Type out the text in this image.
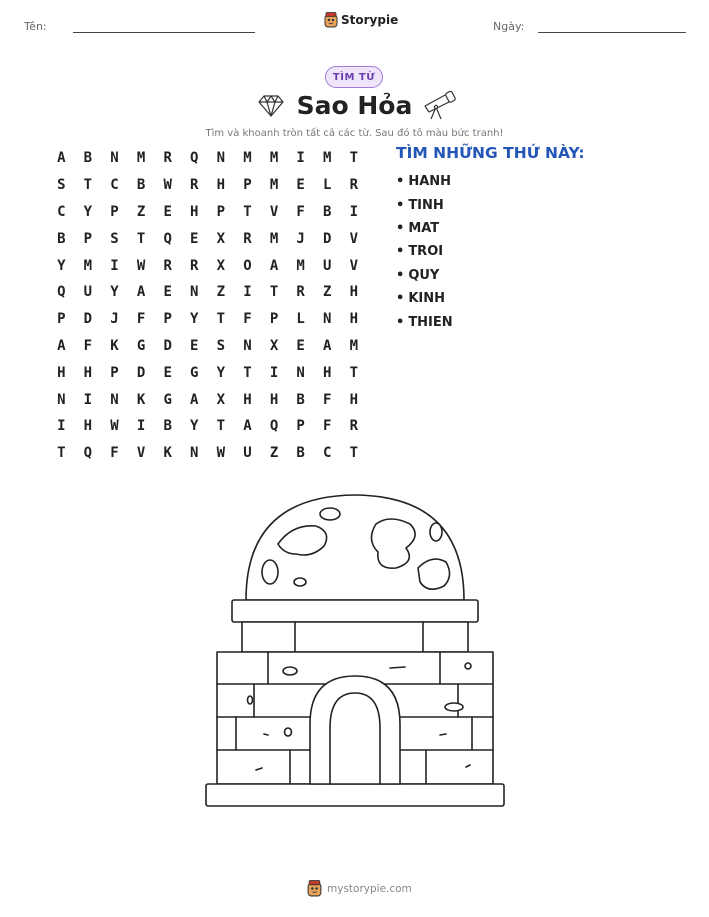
Tên:	Storypie	Ngày:
TÌM TỪ
Sao Hỏa
Tìm và khoanh tròn tất cả các từ. Sau đó tô màu bức tranh!
A	B	N	M	R	Q	N	M	M	I	M	T
S	T	C	B	W	R	H	P	M	E	L	R
C	Y	P	Z	E	H	P	T	V	F	B	I
B	P	S	T	Q	E	X	R	M	J	D	V
Y	M	I	W	R	R	X	O	A	M	U	V
Q	U	Y	A	E	N	Z	I	T	R	Z	H
P	D	J	F	P	Y	T	F	P	L	N	H
A	F	K	G	D	E	S	N	X	E	A	M
H	H	P	D	E	G	Y	T	I	N	H	T
N	I	N	K	G	A	X	H	H	B	F	H
I	H	W	I	B	Y	T	A	Q	P	F	R
T	Q	F	V	K	N	W	U	Z	B	C	T
TÌM NHỮNG THỨ NÀY:
• HANH
• TINH
• MAT
• TROI
• QUY
• KINH
• THIEN
mystorypie.com
